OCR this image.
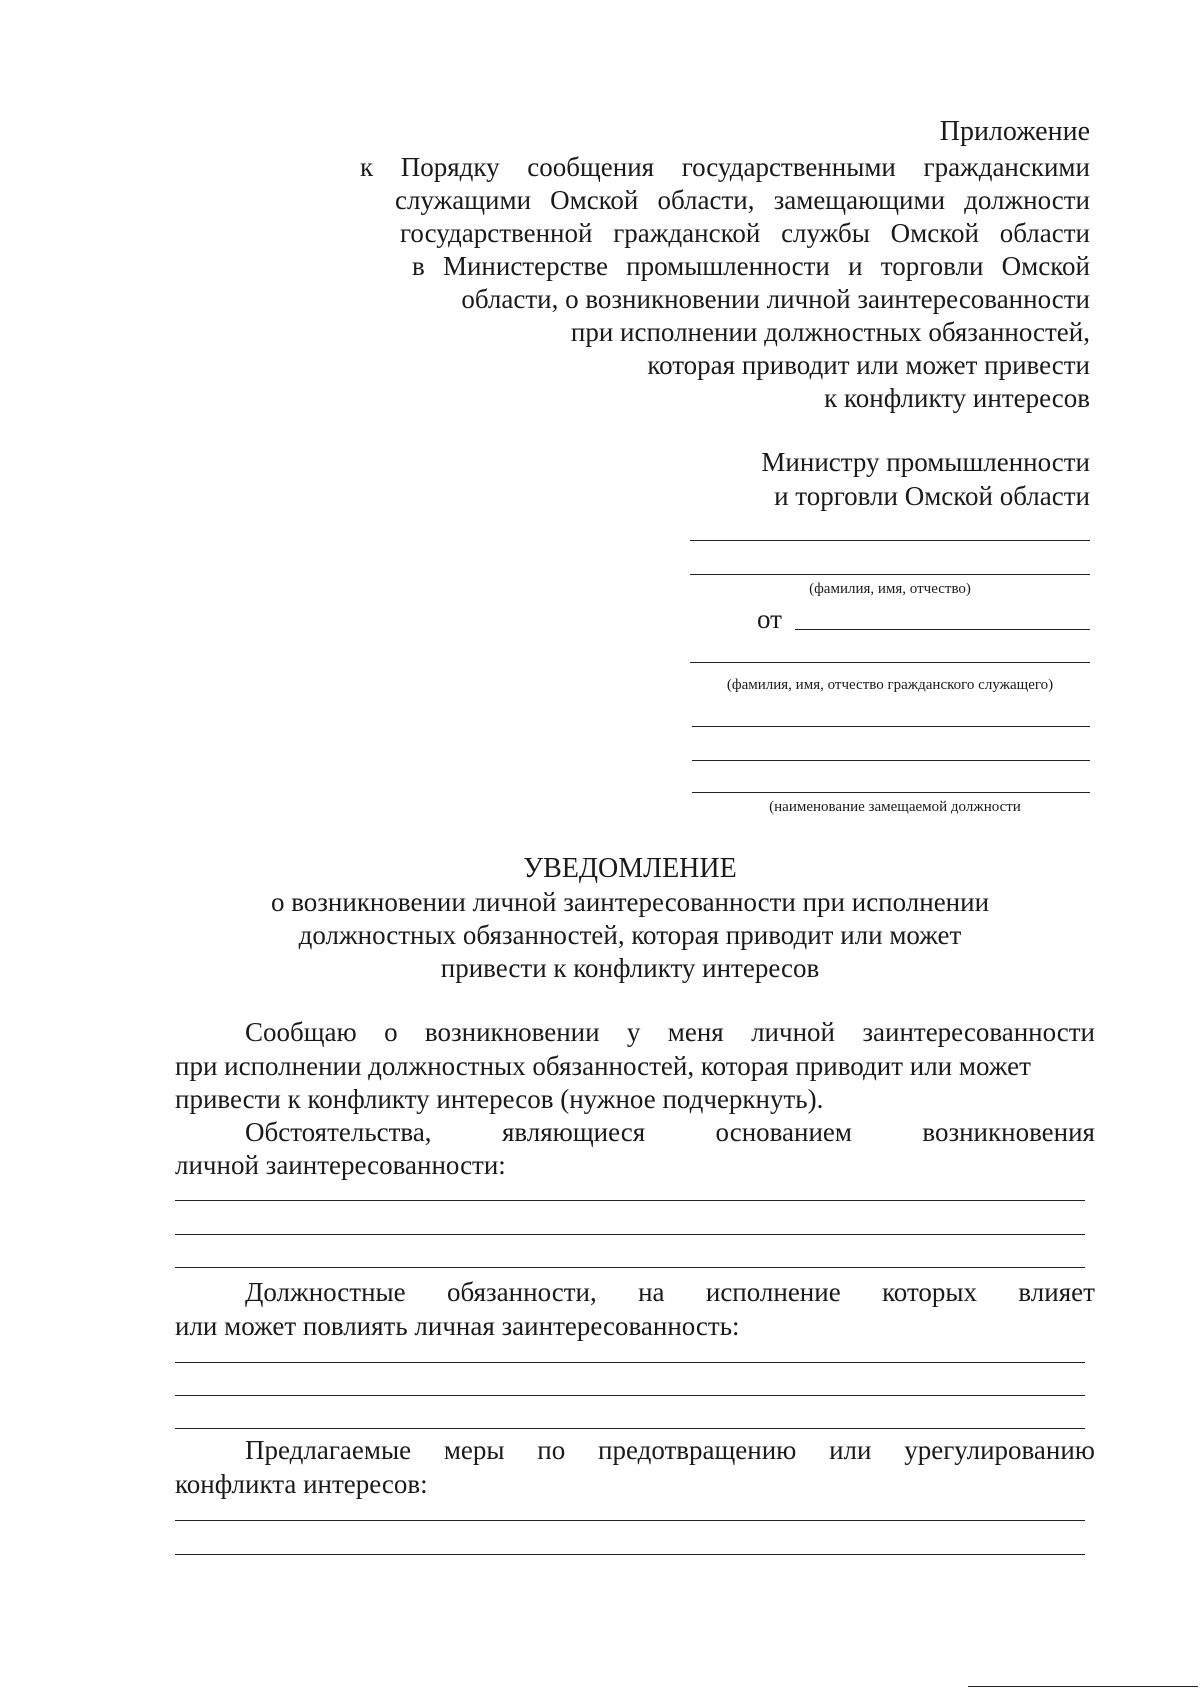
Приложение
к Порядку сообщения государственными гражданскими
служащими Омской области, замещающими должности
государственной гражданской службы Омской области
в Министерстве промышленности и торговли Омской
области, о возникновении личной заинтересованности
при исполнении должностных обязанностей,
которая приводит или может привести
к конфликту интересов
Министру промышленности
и торговли Омской области
(фамилия, имя, отчество)
от
(фамилия, имя, отчество гражданского служащего)
(наименование замещаемой должности
УВЕДОМЛЕНИЕ
о возникновении личной заинтересованности при исполнении
должностных обязанностей, которая приводит или может
привести к конфликту интересов
Сообщаю о возникновении у меня личной заинтересованности
при исполнении должностных обязанностей, которая приводит или может
привести к конфликту интересов (нужное подчеркнуть).
Обстоятельства,	являющиеся	основанием	возникновения
личной заинтересованности:
Должностные обязанности, на исполнение которых влияет
или может повлиять личная заинтересованность:
Предлагаемые меры по предотвращению или урегулированию
конфликта интересов:
